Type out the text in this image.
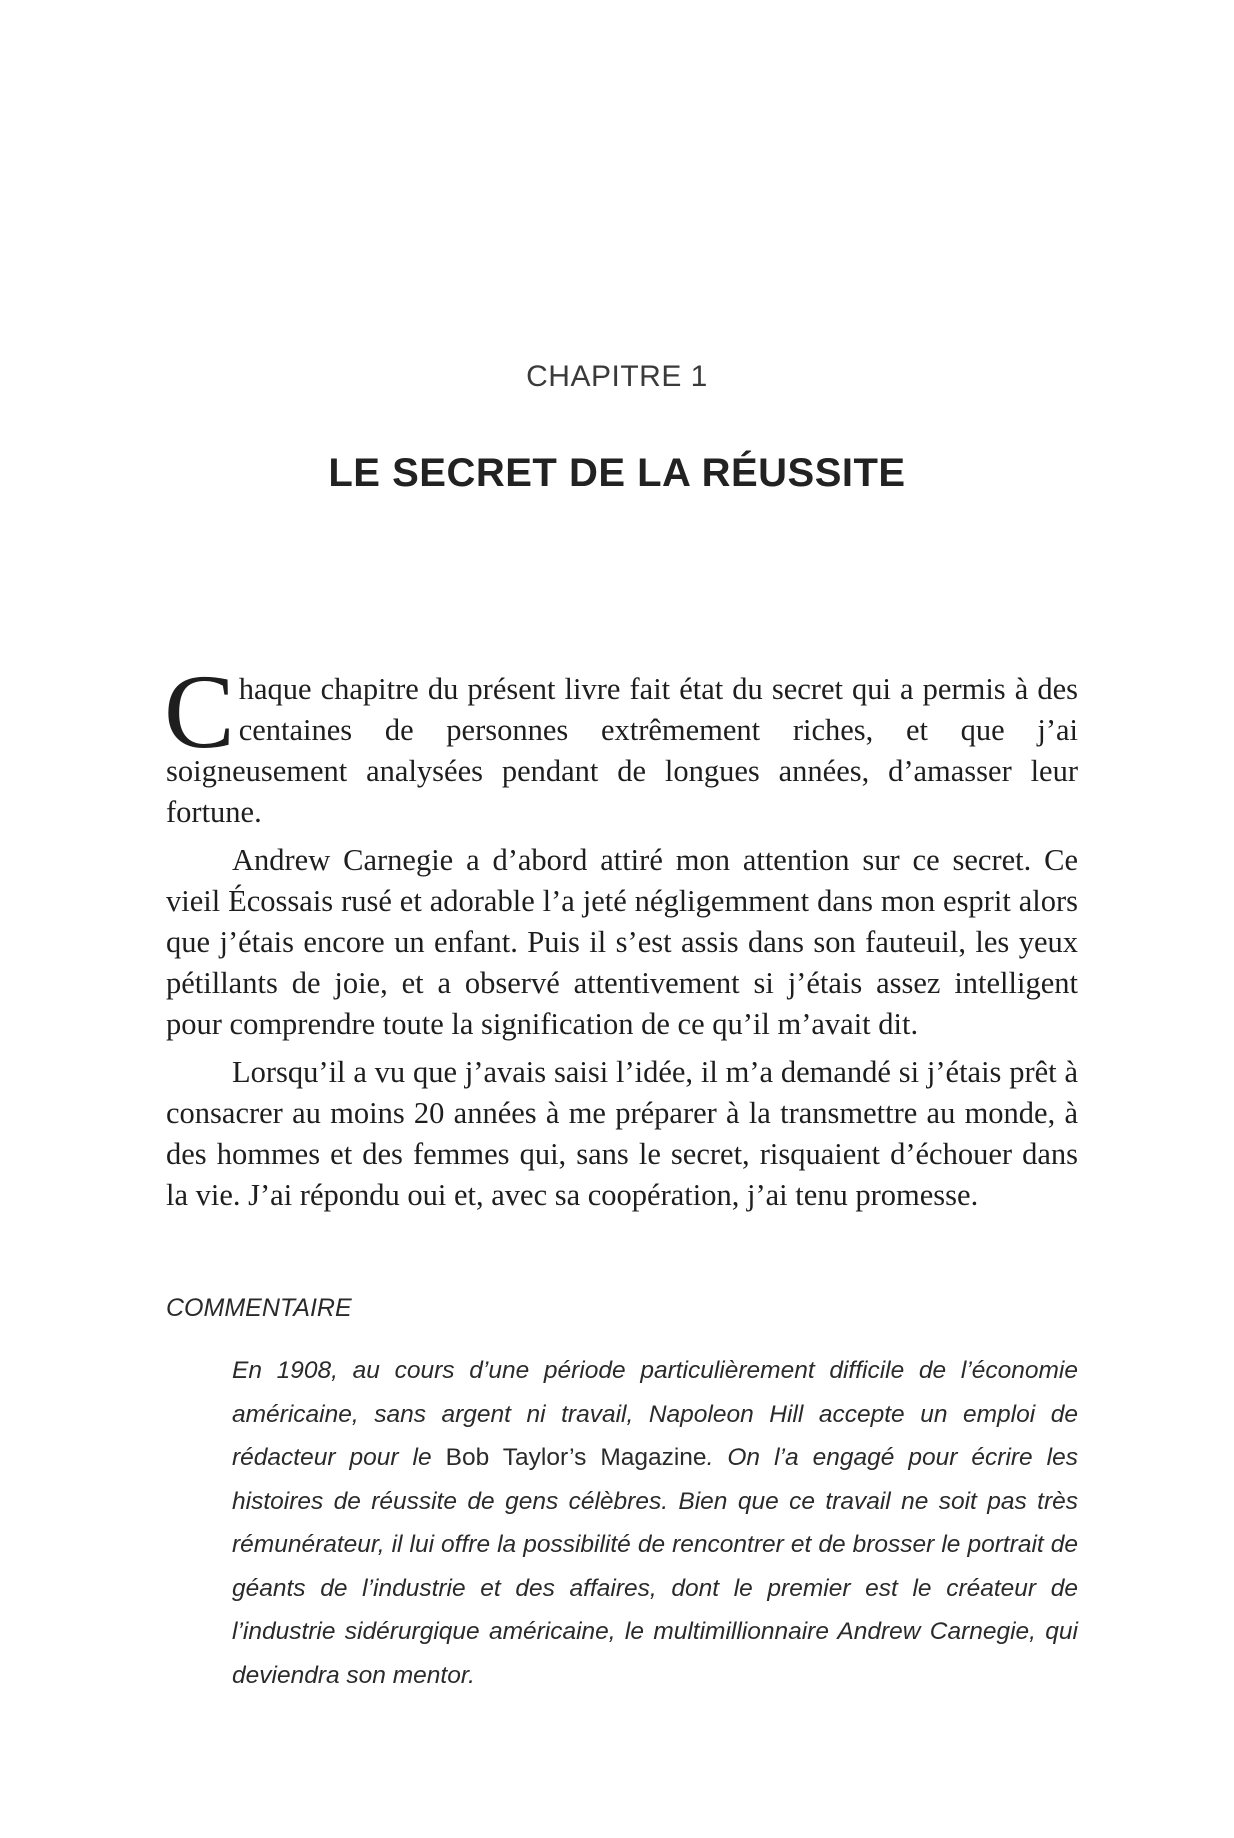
CHAPITRE 1
LE SECRET DE LA RÉUSSITE

Chaque chapitre du présent livre fait état du secret qui a permis à des centaines de personnes extrêmement riches, et que j’ai soigneusement analysées pendant de longues années, d’amasser leur fortune.

Andrew Carnegie a d’abord attiré mon attention sur ce secret. Ce vieil Écossais rusé et adorable l’a jeté négligemment dans mon esprit alors que j’étais encore un enfant. Puis il s’est assis dans son fauteuil, les yeux pétillants de joie, et a observé attentivement si j’étais assez intelligent pour comprendre toute la signification de ce qu’il m’avait dit.

Lorsqu’il a vu que j’avais saisi l’idée, il m’a demandé si j’étais prêt à consacrer au moins 20 années à me préparer à la transmettre au monde, à des hommes et des femmes qui, sans le secret, risquaient d’échouer dans la vie. J’ai répondu oui et, avec sa coopération, j’ai tenu promesse.

COMMENTAIRE

En 1908, au cours d’une période particulièrement difficile de l’économie américaine, sans argent ni travail, Napoleon Hill accepte un emploi de rédacteur pour le Bob Taylor’s Magazine. On l’a engagé pour écrire les histoires de réussite de gens célèbres. Bien que ce travail ne soit pas très rémunérateur, il lui offre la possibilité de rencontrer et de brosser le portrait de géants de l’industrie et des affaires, dont le premier est le créateur de l’industrie sidérurgique américaine, le multimillionnaire Andrew Carnegie, qui deviendra son mentor.
